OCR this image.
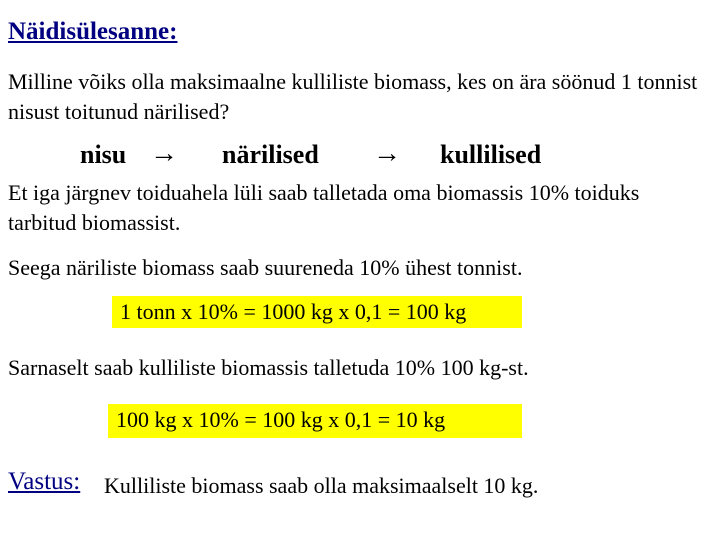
Näidisülesanne:
Milline võiks olla maksimaalne kulliliste biomass, kes on ära söönud 1 tonnist nisust toitunud närilised?
nisu → närilised → kullilised
Et iga järgnev toiduahela lüli saab talletada oma biomassis 10% toiduks tarbitud biomassist.
Seega näriliste biomass saab suureneda 10% ühest tonnist.
1 tonn x 10% = 1000 kg x 0,1 = 100 kg
Sarnaselt saab kulliliste biomassis talletuda 10% 100 kg-st.
100 kg x 10% = 100 kg x 0,1 = 10 kg
Vastus: Kulliliste biomass saab olla maksimaalselt 10 kg.
